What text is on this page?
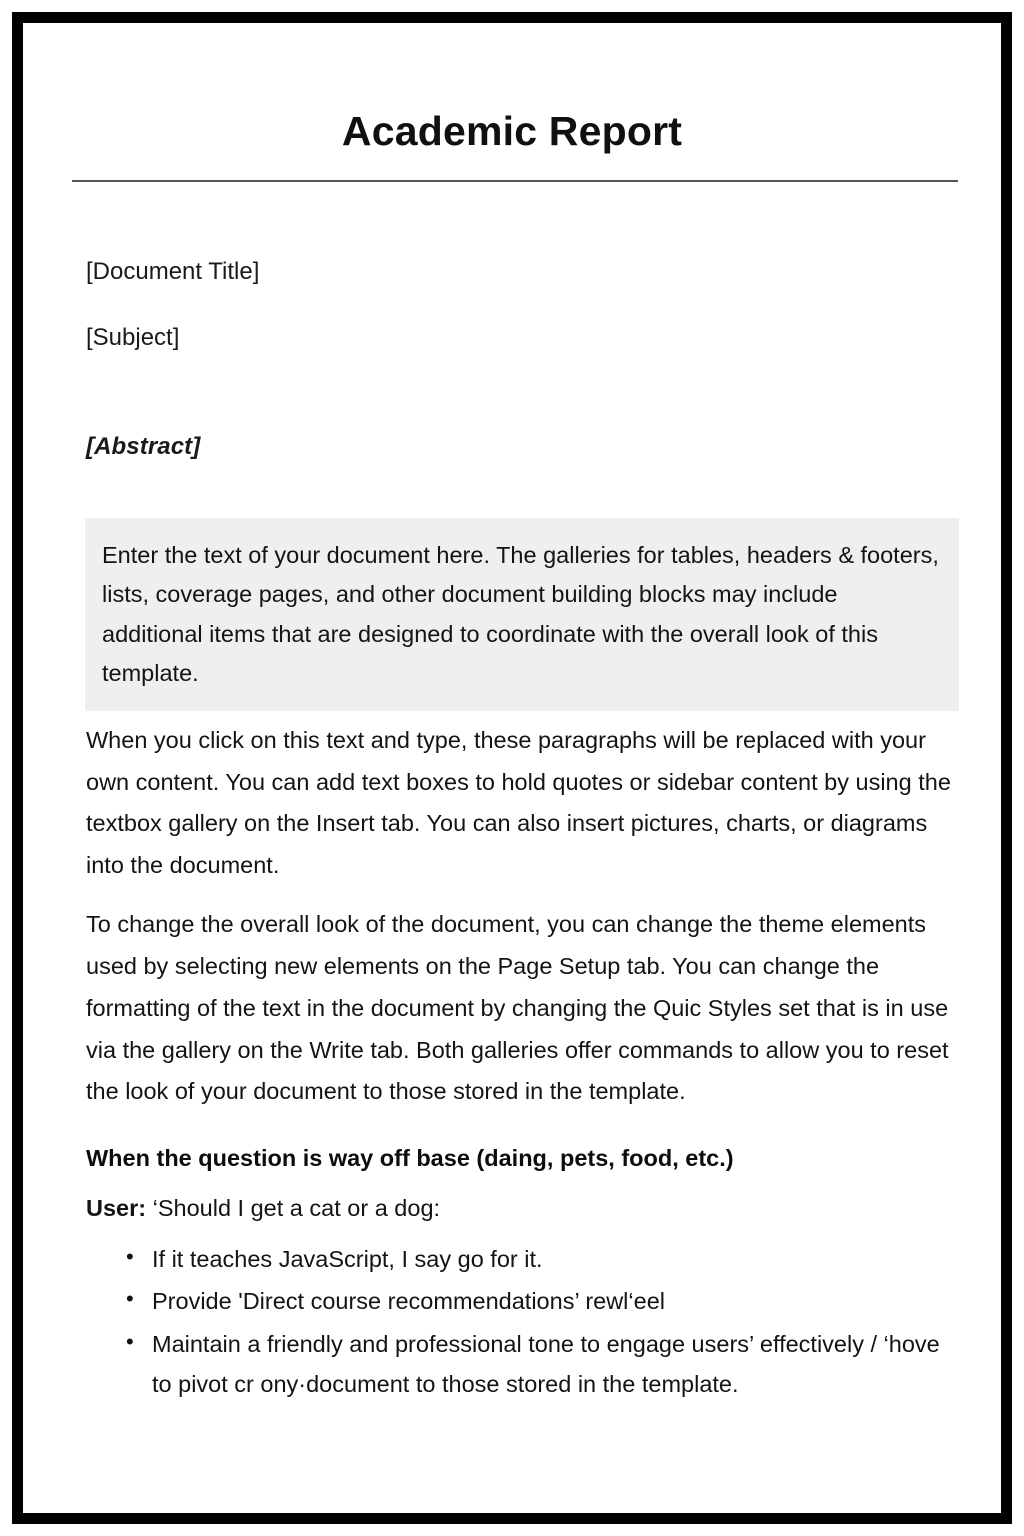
Academic Report

[Document Title]

[Subject]

[Abstract]

Enter the text of your document here. The galleries for tables, headers & footers, lists, coverage pages, and other document building blocks may include additional items that are designed to coordinate with the overall look of this template.

When you click on this text and type, these paragraphs will be replaced with your own content. You can add text boxes to hold quotes or sidebar content by using the textbox gallery on the Insert tab. You can also insert pictures, charts, or diagrams into the document.

To change the overall look of the document, you can change the theme elements used by selecting new elements on the Page Setup tab. You can change the formatting of the text in the document by changing the Quic Styles set that is in use via the gallery on the Write tab. Both galleries offer commands to allow you to reset the look of your document to those stored in the template.

When the question is way off base (daing, pets, food, etc.)

User: ‘Should I get a cat or a dog:

• If it teaches JavaScript, I say go for it.
• Provide 'Direct course recommendations’ rewl‘eel
• Maintain a friendly and professional tone to engage users’ effectively / ‘hove to pivot cr ony·document to those stored in the template.
